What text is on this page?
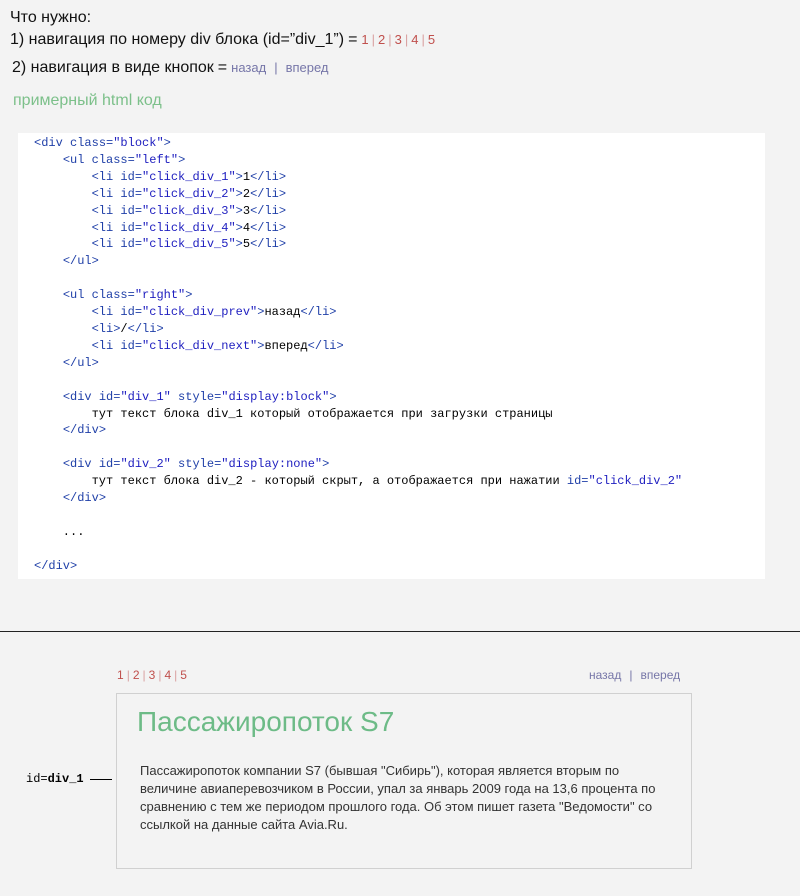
Что нужно:
1) навигация по номеру div блока (id=”div_1”) = 1 | 2 | 3 | 4 | 5
2) навигация в виде кнопок = назад | вперед
примерный html код
<div class="block">
<ul class="left">
<li id="click_div_1">1</li>
<li id="click_div_2">2</li>
<li id="click_div_3">3</li>
<li id="click_div_4">4</li>
<li id="click_div_5">5</li>
</ul>

<ul class="right">
<li id="click_div_prev">назад</li>
<li>/</li>
<li id="click_div_next">вперед</li>
</ul>

<div id="div_1" style="display:block">
тут текст блока div_1 который отображается при загрузки страницы
</div>

<div id="div_2" style="display:none">
тут текст блока div_2 - который скрыт, а отображается при нажатии id="click_div_2"
</div>

...

</div>
1 | 2 | 3 | 4 | 5	назад | вперед
Пассажиропоток S7
Пассажиропоток компании S7 (бывшая "Сибирь"), которая является вторым по величине авиаперевозчиком в России, упал за январь 2009 года на 13,6 процента по сравнению с тем же периодом прошлого года. Об этом пишет газета "Ведомости" со ссылкой на данные сайта Avia.Ru.
id=div_1
